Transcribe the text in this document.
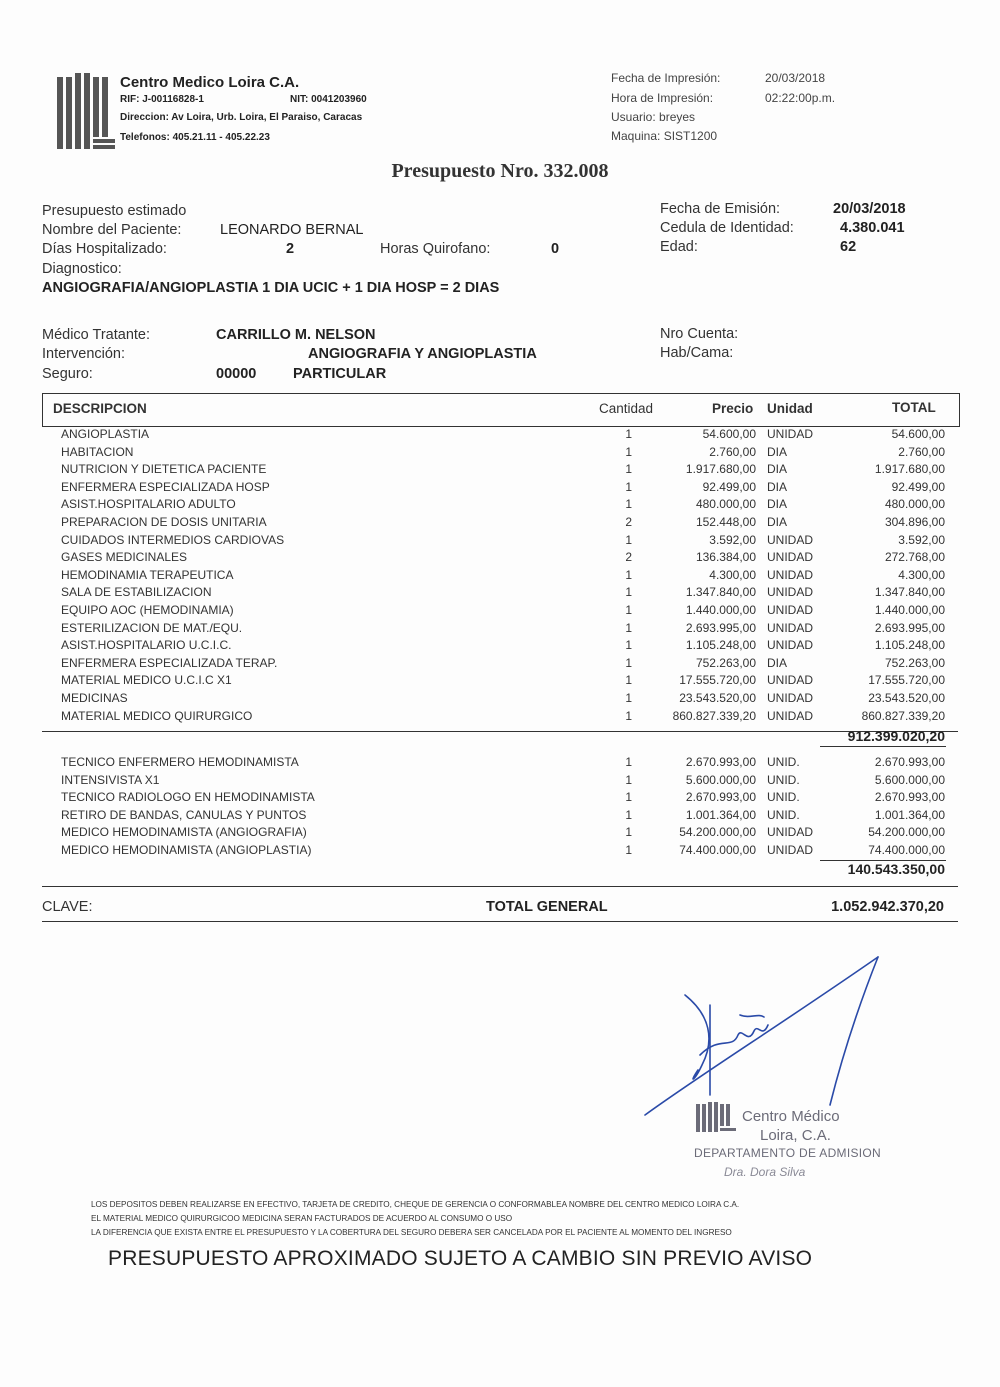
Centro Medico Loira C.A.
RIF: J-00116828-1	NIT: 0041203960
Direccion: Av Loira, Urb. Loira, El Paraiso, Caracas
Telefonos: 405.21.11 - 405.22.23
Fecha de Impresión:	20/03/2018
Hora de Impresión:	02:22:00p.m.
Usuario: breyes
Maquina: SIST1200
Presupuesto Nro. 332.008
Presupuesto estimado
Nombre del Paciente:	LEONARDO BERNAL
Días Hospitalizado:	2	Horas Quirofano:	0
Diagnostico:
ANGIOGRAFIA/ANGIOPLASTIA 1 DIA UCIC + 1 DIA HOSP = 2 DIAS
Fecha de Emisión:	20/03/2018
Cedula de Identidad:	4.380.041
Edad:	62
Médico Tratante:	CARRILLO M. NELSON
Intervención:	ANGIOGRAFIA Y ANGIOPLASTIA
Seguro:	00000	PARTICULAR
Nro Cuenta:
Hab/Cama:
DESCRIPCION	Cantidad	Precio Unidad	TOTAL
ANGIOPLASTIA	1	54.600,00 UNIDAD	54.600,00
HABITACION	1	2.760,00 DIA	2.760,00
NUTRICION Y DIETETICA PACIENTE	1	1.917.680,00 DIA	1.917.680,00
ENFERMERA ESPECIALIZADA HOSP	1	92.499,00 DIA	92.499,00
ASIST.HOSPITALARIO ADULTO	1	480.000,00 DIA	480.000,00
PREPARACION DE DOSIS UNITARIA	2	152.448,00 DIA	304.896,00
CUIDADOS INTERMEDIOS CARDIOVAS	1	3.592,00 UNIDAD	3.592,00
GASES MEDICINALES	2	136.384,00 UNIDAD	272.768,00
HEMODINAMIA TERAPEUTICA	1	4.300,00 UNIDAD	4.300,00
SALA DE ESTABILIZACION	1	1.347.840,00 UNIDAD	1.347.840,00
EQUIPO AOC (HEMODINAMIA)	1	1.440.000,00 UNIDAD	1.440.000,00
ESTERILIZACION DE MAT./EQU.	1	2.693.995,00 UNIDAD	2.693.995,00
ASIST.HOSPITALARIO U.C.I.C.	1	1.105.248,00 UNIDAD	1.105.248,00
ENFERMERA ESPECIALIZADA TERAP.	1	752.263,00 DIA	752.263,00
MATERIAL MEDICO U.C.I.C X1	1	17.555.720,00 UNIDAD	17.555.720,00
MEDICINAS	1	23.543.520,00 UNIDAD	23.543.520,00
MATERIAL MEDICO QUIRURGICO	1	860.827.339,20 UNIDAD	860.827.339,20
912.399.020,20
TECNICO ENFERMERO HEMODINAMISTA	1	2.670.993,00 UNID.	2.670.993,00
INTENSIVISTA X1	1	5.600.000,00 UNID.	5.600.000,00
TECNICO RADIOLOGO EN HEMODINAMISTA	1	2.670.993,00 UNID.	2.670.993,00
RETIRO DE BANDAS, CANULAS Y PUNTOS	1	1.001.364,00 UNID.	1.001.364,00
MEDICO HEMODINAMISTA (ANGIOGRAFIA)	1	54.200.000,00 UNIDAD	54.200.000,00
MEDICO HEMODINAMISTA (ANGIOPLASTIA)	1	74.400.000,00 UNIDAD	74.400.000,00
140.543.350,00
CLAVE:	TOTAL GENERAL	1.052.942.370,20
Centro Médico
Loira, C.A.
DEPARTAMENTO DE ADMISION
Dra. Dora Silva
LOS DEPOSITOS DEBEN REALIZARSE EN EFECTIVO, TARJETA DE CREDITO, CHEQUE DE GERENCIA O CONFORMABLEA NOMBRE DEL CENTRO MEDICO LOIRA C.A.
EL MATERIAL MEDICO QUIRURGICOO MEDICINA SERAN FACTURADOS DE ACUERDO AL CONSUMO O USO
LA DIFERENCIA QUE EXISTA ENTRE EL PRESUPUESTO Y LA COBERTURA DEL SEGURO DEBERA SER CANCELADA POR EL PACIENTE AL MOMENTO DEL INGRESO
PRESUPUESTO APROXIMADO SUJETO A CAMBIO SIN PREVIO AVISO
